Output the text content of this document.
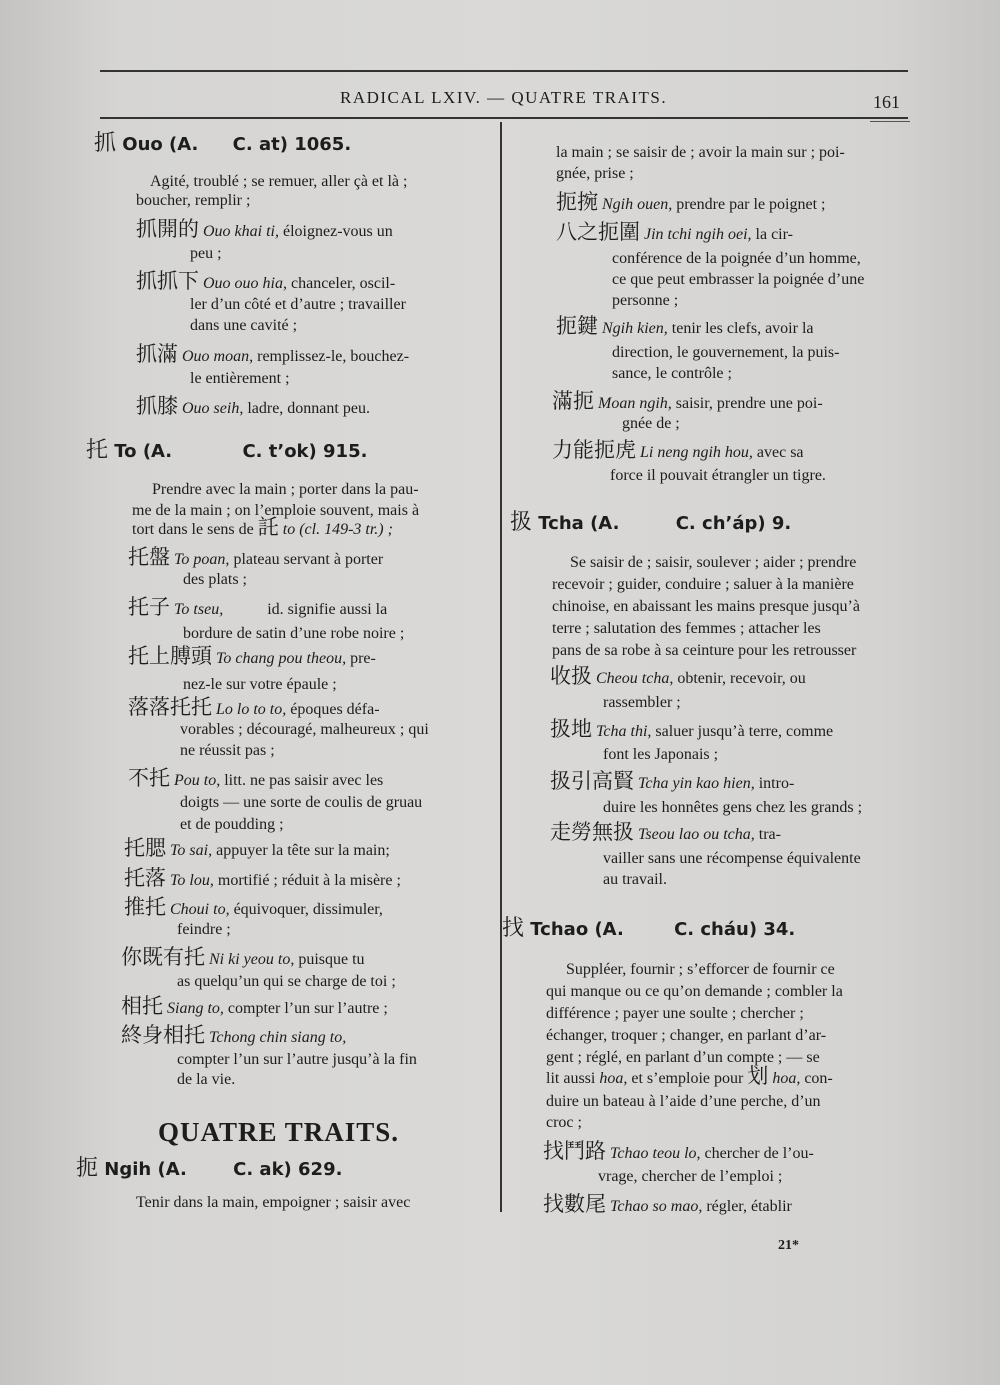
RADICAL LXIV. — QUATRE TRAITS.	161
抓 Ouo (A. C. at) 1065.
Agité, troublé ; se remuer, aller çà et là ;
boucher, remplir ;
抓開的 Ouo khai ti, éloignez-vous un
peu ;
抓抓下 Ouo ouo hia, chanceler, oscil-
ler d’un côté et d’autre ; travailler
dans une cavité ;
抓滿 Ouo moan, remplissez-le, bouchez-
le entièrement ;
抓膝 Ouo seih, ladre, donnant peu.
托 To (A.	C. t’ok) 915.
Prendre avec la main ; porter dans la pau-
me de la main ; on l’emploie souvent, mais à
tort dans le sens de 託 to (cl. 149-3 tr.) ;
托盤 To poan, plateau servant à porter
des plats ;
托子 To tseu,	id. signifie aussi la
bordure de satin d’une robe noire ;
托上膊頭 To chang pou theou, pre-
nez-le sur votre épaule ;
落落托托 Lo lo to to, époques défa-
vorables ; découragé, malheureux ; qui
ne réussit pas ;
不托 Pou to, litt. ne pas saisir avec les
doigts — une sorte de coulis de gruau
et de poudding ;
托腮 To sai, appuyer la tête sur la main;
托落 To lou, mortifié ; réduit à la misère ;
推托 Choui to, équivoquer, dissimuler,
feindre ;
你既有托 Ni ki yeou to, puisque tu
as quelqu’un qui se charge de toi ;
相托 Siang to, compter l’un sur l’autre ;
終身相托 Tchong chin siang to,
compter l’un sur l’autre jusqu’à la fin
de la vie.
QUATRE TRAITS.
扼 Ngih (A.	C. ak) 629.
Tenir dans la main, empoigner ; saisir avec
la main ; se saisir de ; avoir la main sur ; poi-
gnée, prise ;
扼捥 Ngih ouen, prendre par le poignet ;
八之扼圍 Jin tchi ngih oei, la cir-
conférence de la poignée d’un homme,
ce que peut embrasser la poignée d’une
personne ;
扼鍵 Ngih kien, tenir les clefs, avoir la
direction, le gouvernement, la puis-
sance, le contrôle ;
滿扼 Moan ngih, saisir, prendre une poi-
gnée de ;
力能扼虎 Li neng ngih hou, avec sa
force il pouvait étrangler un tigre.
扱 Tcha (A.	C. ch’áp) 9.
Se saisir de ; saisir, soulever ; aider ; prendre
recevoir ; guider, conduire ; saluer à la manière
chinoise, en abaissant les mains presque jusqu’à
terre ; salutation des femmes ; attacher les
pans de sa robe à sa ceinture pour les retrousser
收扱 Cheou tcha, obtenir, recevoir, ou
rassembler ;
扱地 Tcha thi, saluer jusqu’à terre, comme
font les Japonais ;
扱引高賢 Tcha yin kao hien, intro-
duire les honnêtes gens chez les grands ;
走勞無扱 Tseou lao ou tcha, tra-
vailler sans une récompense équivalente
au travail.
找 Tchao (A.	C. cháu) 34.
Suppléer, fournir ; s’efforcer de fournir ce
qui manque ou ce qu’on demande ; combler la
différence ; payer une soulte ; chercher ;
échanger, troquer ; changer, en parlant d’ar-
gent ; réglé, en parlant d’un compte ; — se
lit aussi hoa, et s’emploie pour 划 hoa, con-
duire un bateau à l’aide d’une perche, d’un
croc ;
找鬥路 Tchao teou lo, chercher de l’ou-
vrage, chercher de l’emploi ;
找數尾 Tchao so mao, régler, établir
21*
